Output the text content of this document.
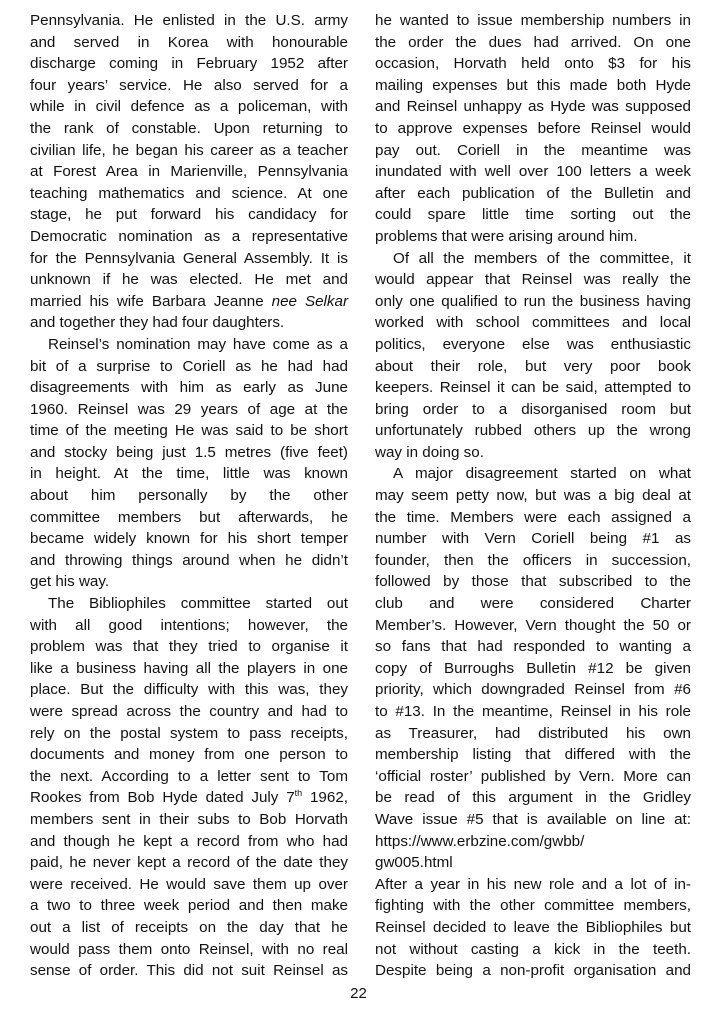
Pennsylvania. He enlisted in the U.S. army
and served in Korea with honourable
discharge coming in February 1952 after
four years’ service. He also served for a
while in civil defence as a policeman, with
the rank of constable. Upon returning to
civilian life, he began his career as a teacher
at Forest Area in Marienville, Pennsylvania
teaching mathematics and science. At one
stage, he put forward his candidacy for
Democratic nomination as a representative
for the Pennsylvania General Assembly. It is
unknown if he was elected. He met and
married his wife Barbara Jeanne nee Selkar
and together they had four daughters.
Reinsel’s nomination may have come as a
bit of a surprise to Coriell as he had had
disagreements with him as early as June
1960. Reinsel was 29 years of age at the
time of the meeting He was said to be short
and stocky being just 1.5 metres (five feet)
in height. At the time, little was known
about him personally by the other
committee members but afterwards, he
became widely known for his short temper
and throwing things around when he didn’t
get his way.
The Bibliophiles committee started out
with all good intentions; however, the
problem was that they tried to organise it
like a business having all the players in one
place. But the difficulty with this was, they
were spread across the country and had to
rely on the postal system to pass receipts,
documents and money from one person to
the next. According to a letter sent to Tom
Rookes from Bob Hyde dated July 7th 1962,
members sent in their subs to Bob Horvath
and though he kept a record from who had
paid, he never kept a record of the date they
were received. He would save them up over
a two to three week period and then make
out a list of receipts on the day that he
would pass them onto Reinsel, with no real
sense of order. This did not suit Reinsel as
he wanted to issue membership numbers in
the order the dues had arrived. On one
occasion, Horvath held onto $3 for his
mailing expenses but this made both Hyde
and Reinsel unhappy as Hyde was supposed
to approve expenses before Reinsel would
pay out. Coriell in the meantime was
inundated with well over 100 letters a week
after each publication of the Bulletin and
could spare little time sorting out the
problems that were arising around him.
Of all the members of the committee, it
would appear that Reinsel was really the
only one qualified to run the business having
worked with school committees and local
politics, everyone else was enthusiastic
about their role, but very poor book
keepers. Reinsel it can be said, attempted to
bring order to a disorganised room but
unfortunately rubbed others up the wrong
way in doing so.
A major disagreement started on what
may seem petty now, but was a big deal at
the time. Members were each assigned a
number with Vern Coriell being #1 as
founder, then the officers in succession,
followed by those that subscribed to the
club and were considered Charter
Member’s. However, Vern thought the 50 or
so fans that had responded to wanting a
copy of Burroughs Bulletin #12 be given
priority, which downgraded Reinsel from #6
to #13. In the meantime, Reinsel in his role
as Treasurer, had distributed his own
membership listing that differed with the
‘official roster’ published by Vern. More can
be read of this argument in the Gridley
Wave issue #5 that is available on line at:
https://www.erbzine.com/gwbb/
gw005.html
After a year in his new role and a lot of in-
fighting with the other committee members,
Reinsel decided to leave the Bibliophiles but
not without casting a kick in the teeth.
Despite being a non-profit organisation and
22
